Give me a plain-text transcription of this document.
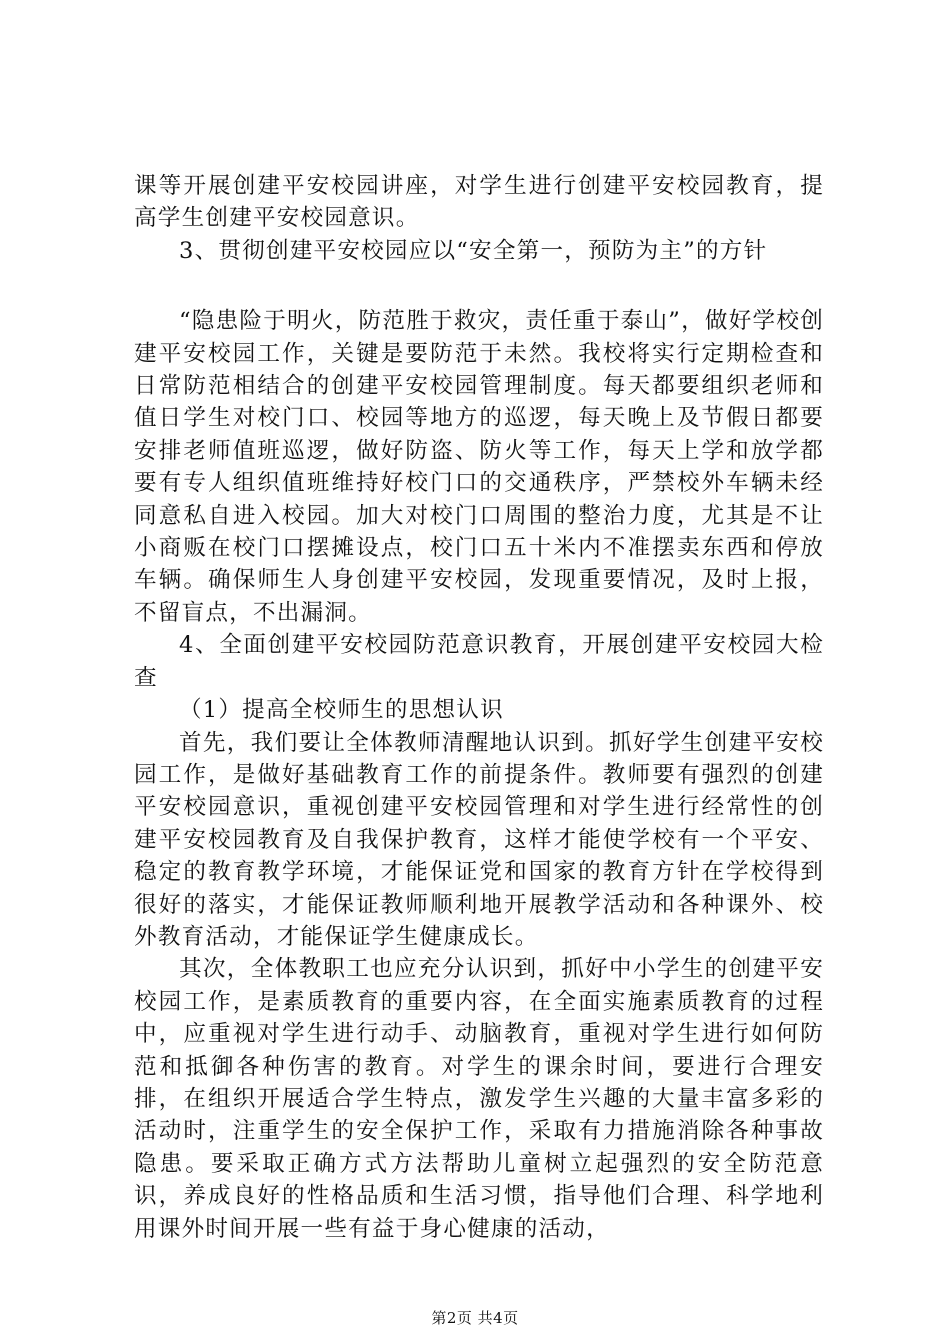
课等开展创建平安校园讲座，对学生进行创建平安校园教育，提高学生创建平安校园意识。

3、贯彻创建平安校园应以“安全第一，预防为主”的方针

“隐患险于明火，防范胜于救灾，责任重于泰山”，做好学校创建平安校园工作，关键是要防范于未然。我校将实行定期检查和日常防范相结合的创建平安校园管理制度。每天都要组织老师和值日学生对校门口、校园等地方的巡逻，每天晚上及节假日都要安排老师值班巡逻，做好防盗、防火等工作，每天上学和放学都要有专人组织值班维持好校门口的交通秩序，严禁校外车辆未经同意私自进入校园。加大对校门口周围的整治力度，尤其是不让小商贩在校门口摆摊设点，校门口五十米内不准摆卖东西和停放车辆。确保师生人身创建平安校园，发现重要情况，及时上报，不留盲点，不出漏洞。

4、全面创建平安校园防范意识教育，开展创建平安校园大检查

（1）提高全校师生的思想认识

首先，我们要让全体教师清醒地认识到。抓好学生创建平安校园工作，是做好基础教育工作的前提条件。教师要有强烈的创建平安校园意识，重视创建平安校园管理和对学生进行经常性的创建平安校园教育及自我保护教育，这样才能使学校有一个平安、稳定的教育教学环境，才能保证党和国家的教育方针在学校得到很好的落实，才能保证教师顺利地开展教学活动和各种课外、校外教育活动，才能保证学生健康成长。

其次，全体教职工也应充分认识到，抓好中小学生的创建平安校园工作，是素质教育的重要内容，在全面实施素质教育的过程中，应重视对学生进行动手、动脑教育，重视对学生进行如何防范和抵御各种伤害的教育。对学生的课余时间，要进行合理安排，在组织开展适合学生特点，激发学生兴趣的大量丰富多彩的活动时，注重学生的安全保护工作，采取有力措施消除各种事故隐患。要采取正确方式方法帮助儿童树立起强烈的安全防范意识，养成良好的性格品质和生活习惯，指导他们合理、科学地利用课外时间开展一些有益于身心健康的活动，

第2页 共4页
